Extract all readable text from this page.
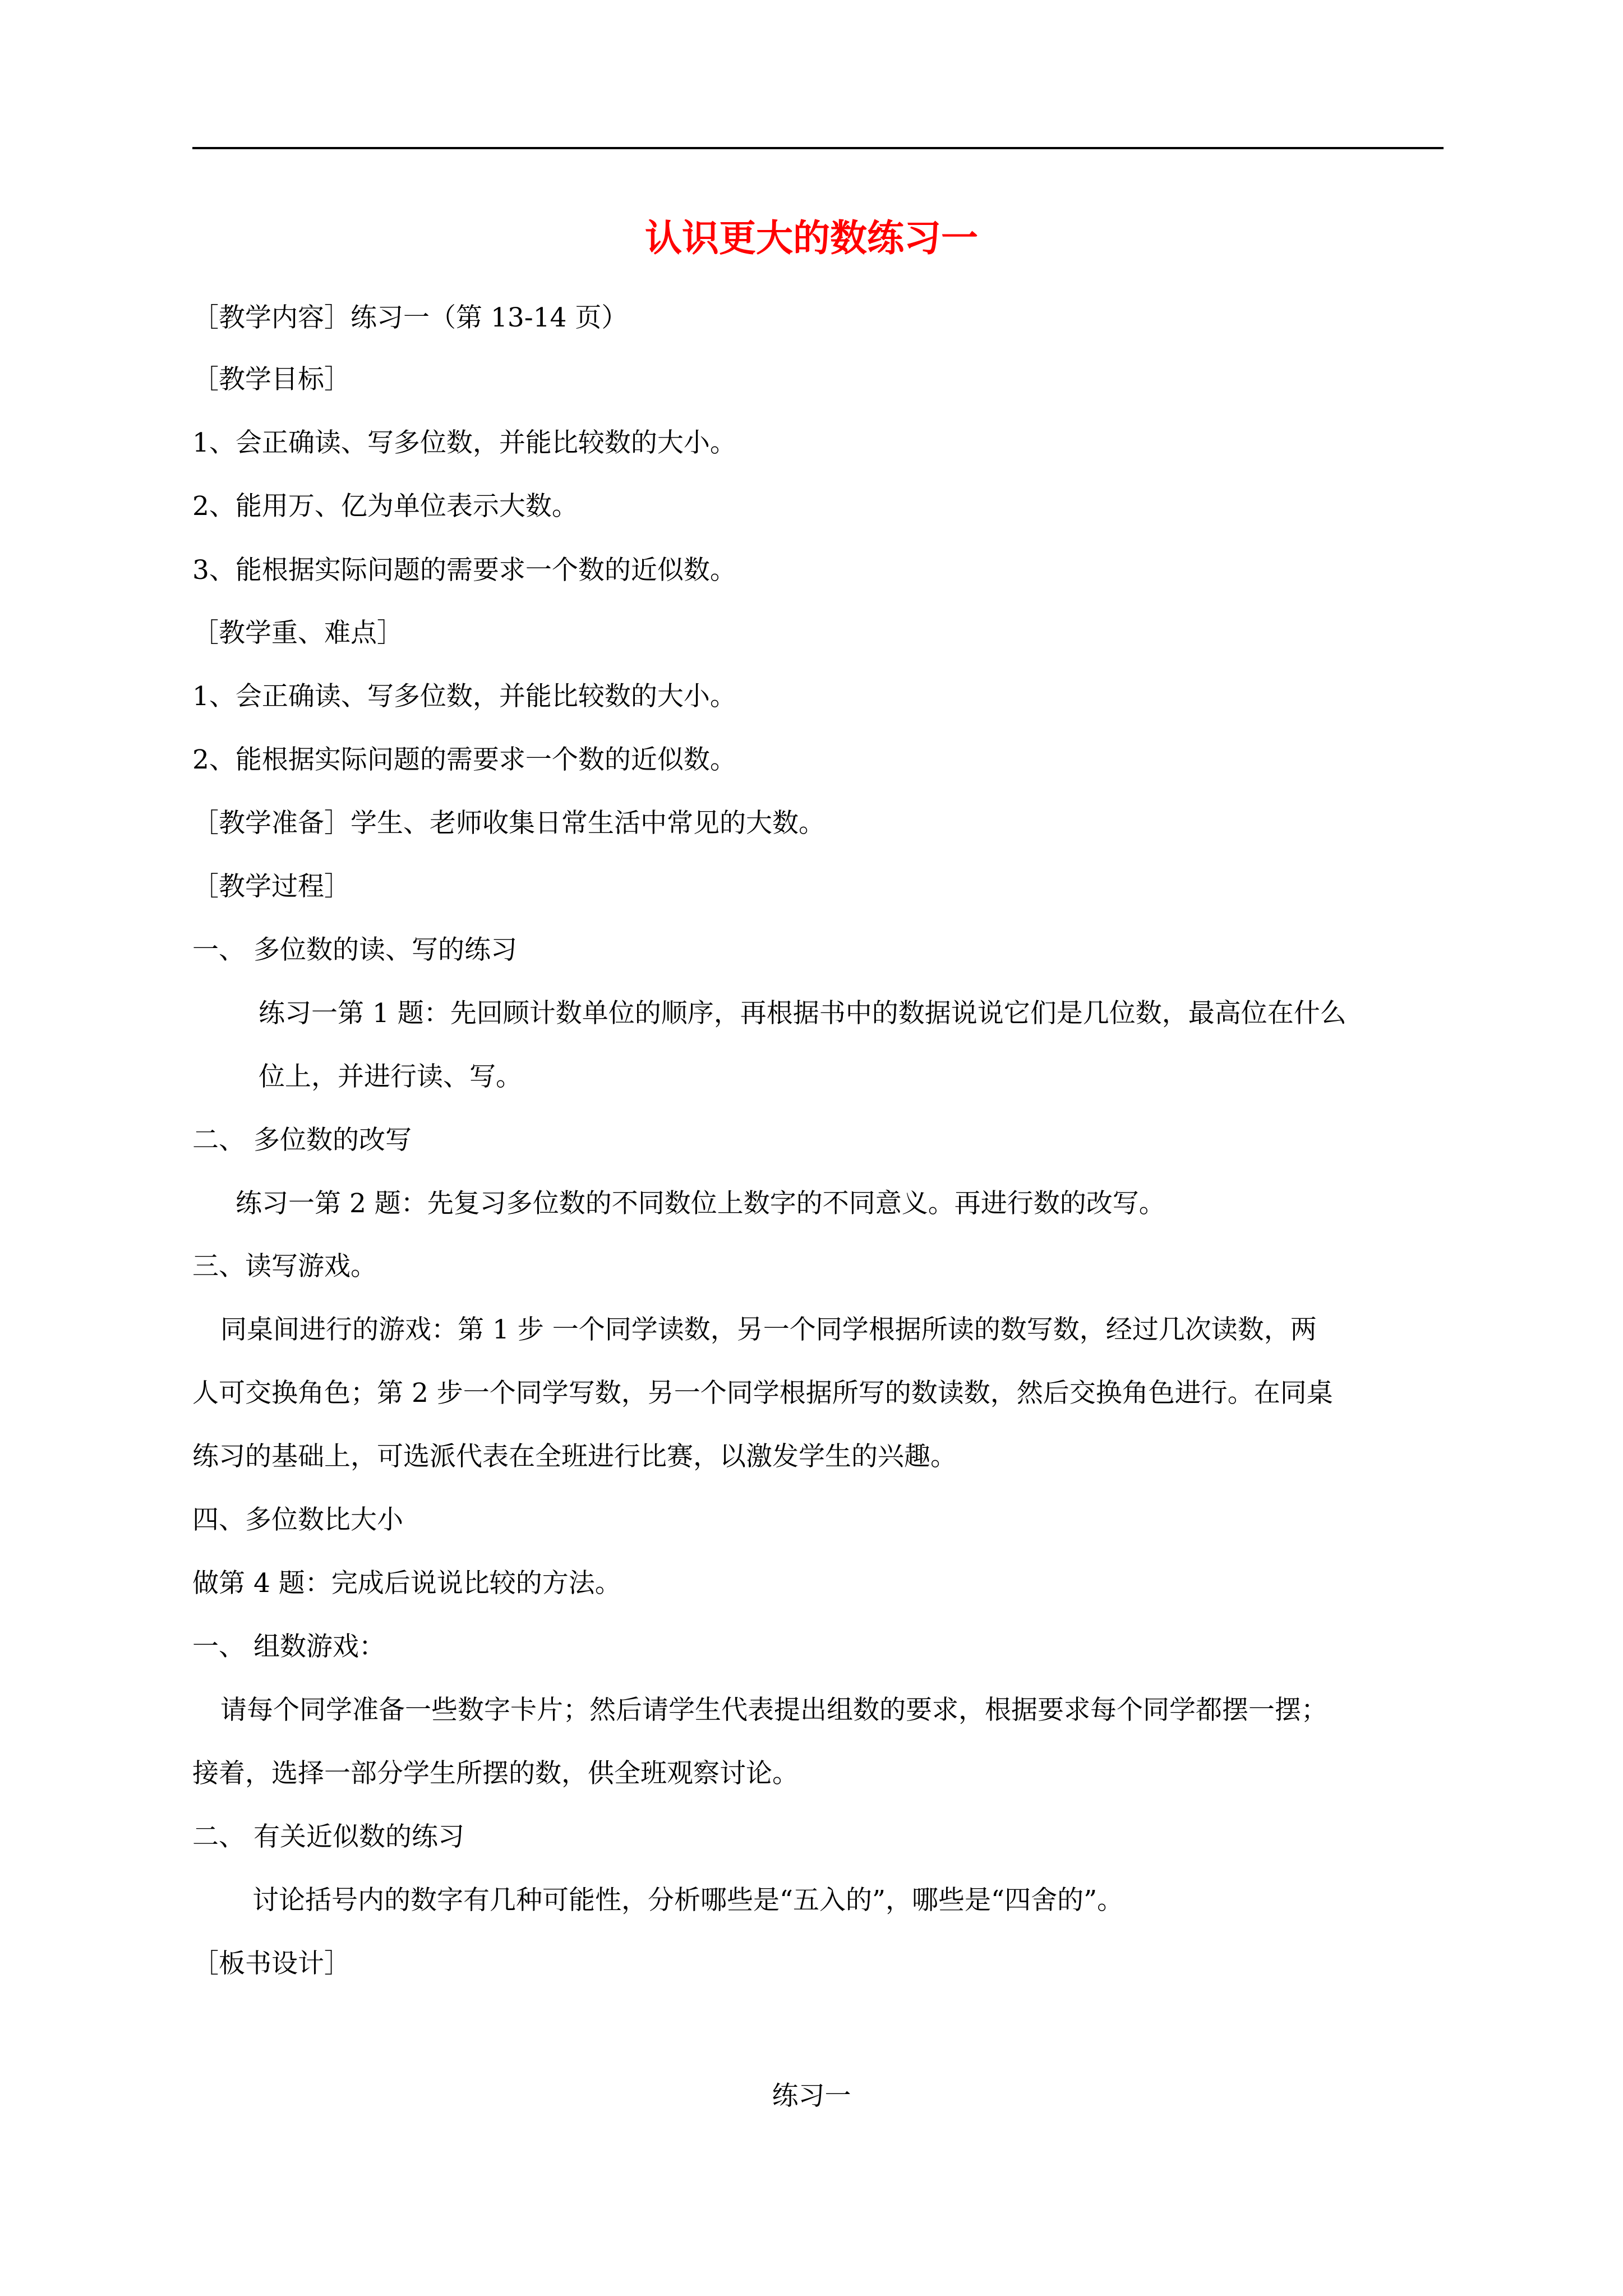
认识更大的数练习一
［教学内容］练习一（第 13-14 页）
［教学目标］
1、会正确读、写多位数，并能比较数的大小。
2、能用万、亿为单位表示大数。
3、能根据实际问题的需要求一个数的近似数。
［教学重、难点］
1、会正确读、写多位数，并能比较数的大小。
2、能根据实际问题的需要求一个数的近似数。
［教学准备］学生、老师收集日常生活中常见的大数。
［教学过程］
一、 多位数的读、写的练习
练习一第 1 题：先回顾计数单位的顺序，再根据书中的数据说说它们是几位数，最高位在什么
位上，并进行读、写。
二、 多位数的改写
练习一第 2 题：先复习多位数的不同数位上数字的不同意义。再进行数的改写。
三、读写游戏。
同桌间进行的游戏：第 1 步 一个同学读数，另一个同学根据所读的数写数，经过几次读数，两
人可交换角色；第 2 步一个同学写数，另一个同学根据所写的数读数，然后交换角色进行。在同桌
练习的基础上，可选派代表在全班进行比赛，以激发学生的兴趣。
四、多位数比大小
做第 4 题：完成后说说比较的方法。
一、 组数游戏：
请每个同学准备一些数字卡片；然后请学生代表提出组数的要求，根据要求每个同学都摆一摆；
接着，选择一部分学生所摆的数，供全班观察讨论。
二、 有关近似数的练习
讨论括号内的数字有几种可能性，分析哪些是“五入的”，哪些是“四舍的”。
［板书设计］
练习一
